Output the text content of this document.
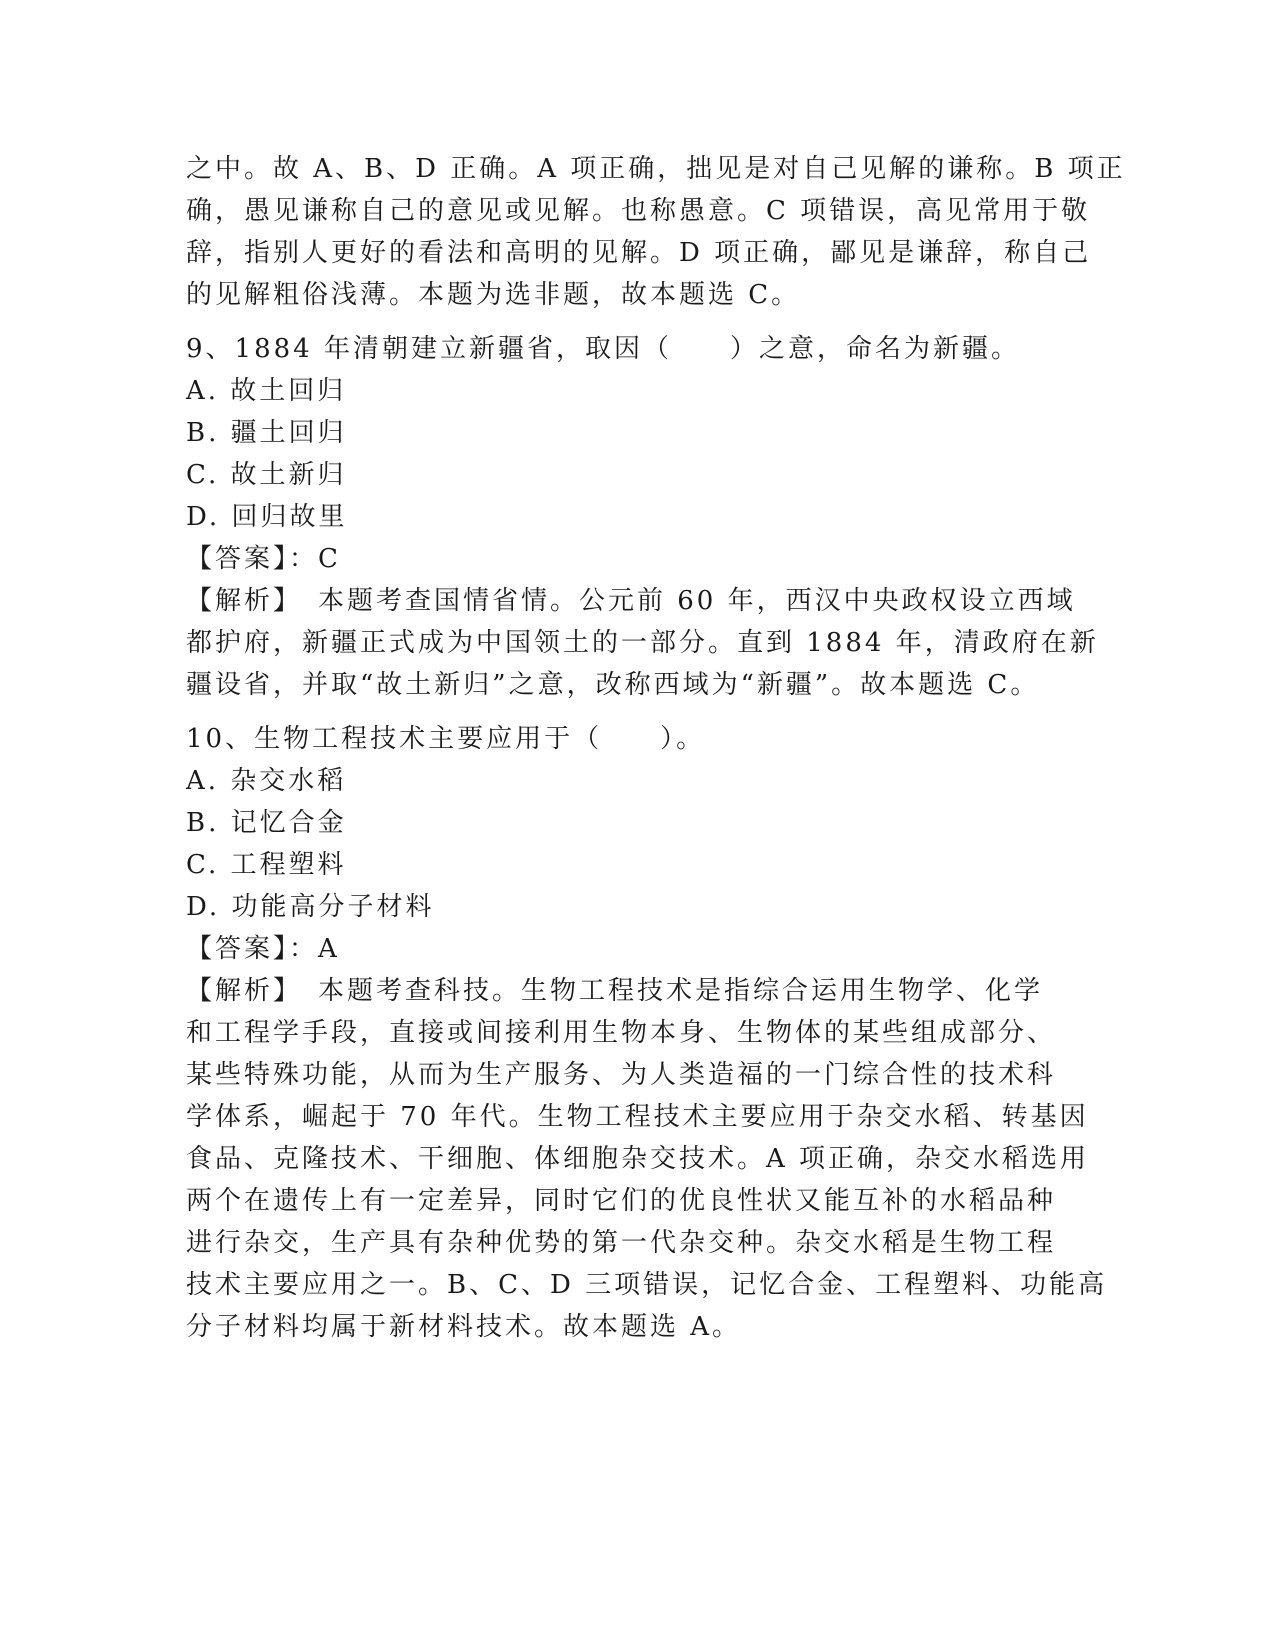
之中。故 A、B、D 正确。A 项正确，拙见是对自己见解的谦称。B 项正
确，愚见谦称自己的意见或见解。也称愚意。C 项错误，高见常用于敬
辞，指别人更好的看法和高明的见解。D 项正确，鄙见是谦辞，称自己
的见解粗俗浅薄。本题为选非题，故本题选 C。
9、1884 年清朝建立新疆省，取因（　　）之意，命名为新疆。
A. 故土回归
B. 疆土回归
C. 故土新归
D. 回归故里
【答案】：C
【解析】　本题考查国情省情。公元前 60 年，西汉中央政权设立西域
都护府，新疆正式成为中国领土的一部分。直到 1884 年，清政府在新
疆设省，并取“故土新归”之意，改称西域为“新疆”。故本题选 C。
10、生物工程技术主要应用于（　　）。
A. 杂交水稻
B. 记忆合金
C. 工程塑料
D. 功能高分子材料
【答案】：A
【解析】　本题考查科技。生物工程技术是指综合运用生物学、化学
和工程学手段，直接或间接利用生物本身、生物体的某些组成部分、
某些特殊功能，从而为生产服务、为人类造福的一门综合性的技术科
学体系，崛起于 70 年代。生物工程技术主要应用于杂交水稻、转基因
食品、克隆技术、干细胞、体细胞杂交技术。A 项正确，杂交水稻选用
两个在遗传上有一定差异，同时它们的优良性状又能互补的水稻品种
进行杂交，生产具有杂种优势的第一代杂交种。杂交水稻是生物工程
技术主要应用之一。B、C、D 三项错误，记忆合金、工程塑料、功能高
分子材料均属于新材料技术。故本题选 A。
